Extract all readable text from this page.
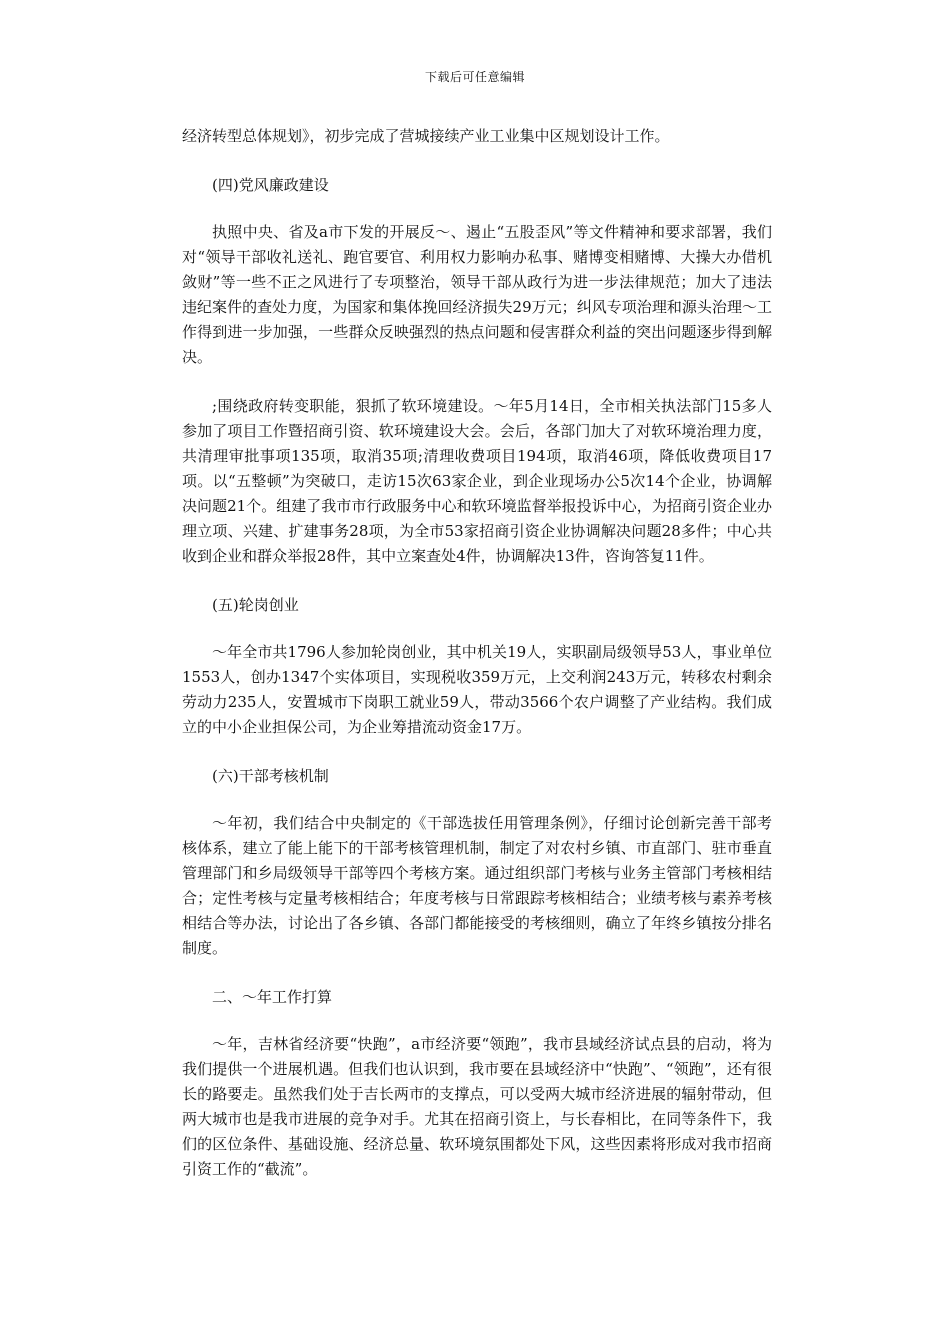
下载后可任意编辑

经济转型总体规划》，初步完成了营城接续产业工业集中区规划设计工作。

(四)党风廉政建设

执照中央、省及a市下发的开展反～、遏止“五股歪风”等文件精神和要求部署，我们对“领导干部收礼送礼、跑官要官、利用权力影响办私事、赌博变相赌博、大操大办借机敛财”等一些不正之风进行了专项整治，领导干部从政行为进一步法律规范；加大了违法违纪案件的查处力度，为国家和集体挽回经济损失29万元；纠风专项治理和源头治理～工作得到进一步加强，一些群众反映强烈的热点问题和侵害群众利益的突出问题逐步得到解决。

;围绕政府转变职能，狠抓了软环境建设。～年5月14日，全市相关执法部门15多人参加了项目工作暨招商引资、软环境建设大会。会后，各部门加大了对软环境治理力度，共清理审批事项135项，取消35项;清理收费项目194项，取消46项，降低收费项目17项。以“五整顿”为突破口，走访15次63家企业，到企业现场办公5次14个企业，协调解决问题21个。组建了我市市行政服务中心和软环境监督举报投诉中心，为招商引资企业办理立项、兴建、扩建事务28项，为全市53家招商引资企业协调解决问题28多件；中心共收到企业和群众举报28件，其中立案查处4件，协调解决13件，咨询答复11件。

(五)轮岗创业

～年全市共1796人参加轮岗创业，其中机关19人，实职副局级领导53人，事业单位1553人，创办1347个实体项目，实现税收359万元，上交利润243万元，转移农村剩余劳动力235人，安置城市下岗职工就业59人，带动3566个农户调整了产业结构。我们成立的中小企业担保公司，为企业筹措流动资金17万。

(六)干部考核机制

～年初，我们结合中央制定的《干部选拔任用管理条例》，仔细讨论创新完善干部考核体系，建立了能上能下的干部考核管理机制，制定了对农村乡镇、市直部门、驻市垂直管理部门和乡局级领导干部等四个考核方案。通过组织部门考核与业务主管部门考核相结合；定性考核与定量考核相结合；年度考核与日常跟踪考核相结合；业绩考核与素养考核相结合等办法，讨论出了各乡镇、各部门都能接受的考核细则，确立了年终乡镇按分排名制度。

二、～年工作打算

～年，吉林省经济要“快跑”，a市经济要“领跑”，我市县域经济试点县的启动，将为我们提供一个进展机遇。但我们也认识到，我市要在县域经济中“快跑”、“领跑”，还有很长的路要走。虽然我们处于吉长两市的支撑点，可以受两大城市经济进展的辐射带动，但两大城市也是我市进展的竞争对手。尤其在招商引资上，与长春相比，在同等条件下，我们的区位条件、基础设施、经济总量、软环境氛围都处下风，这些因素将形成对我市招商引资工作的“截流”。
